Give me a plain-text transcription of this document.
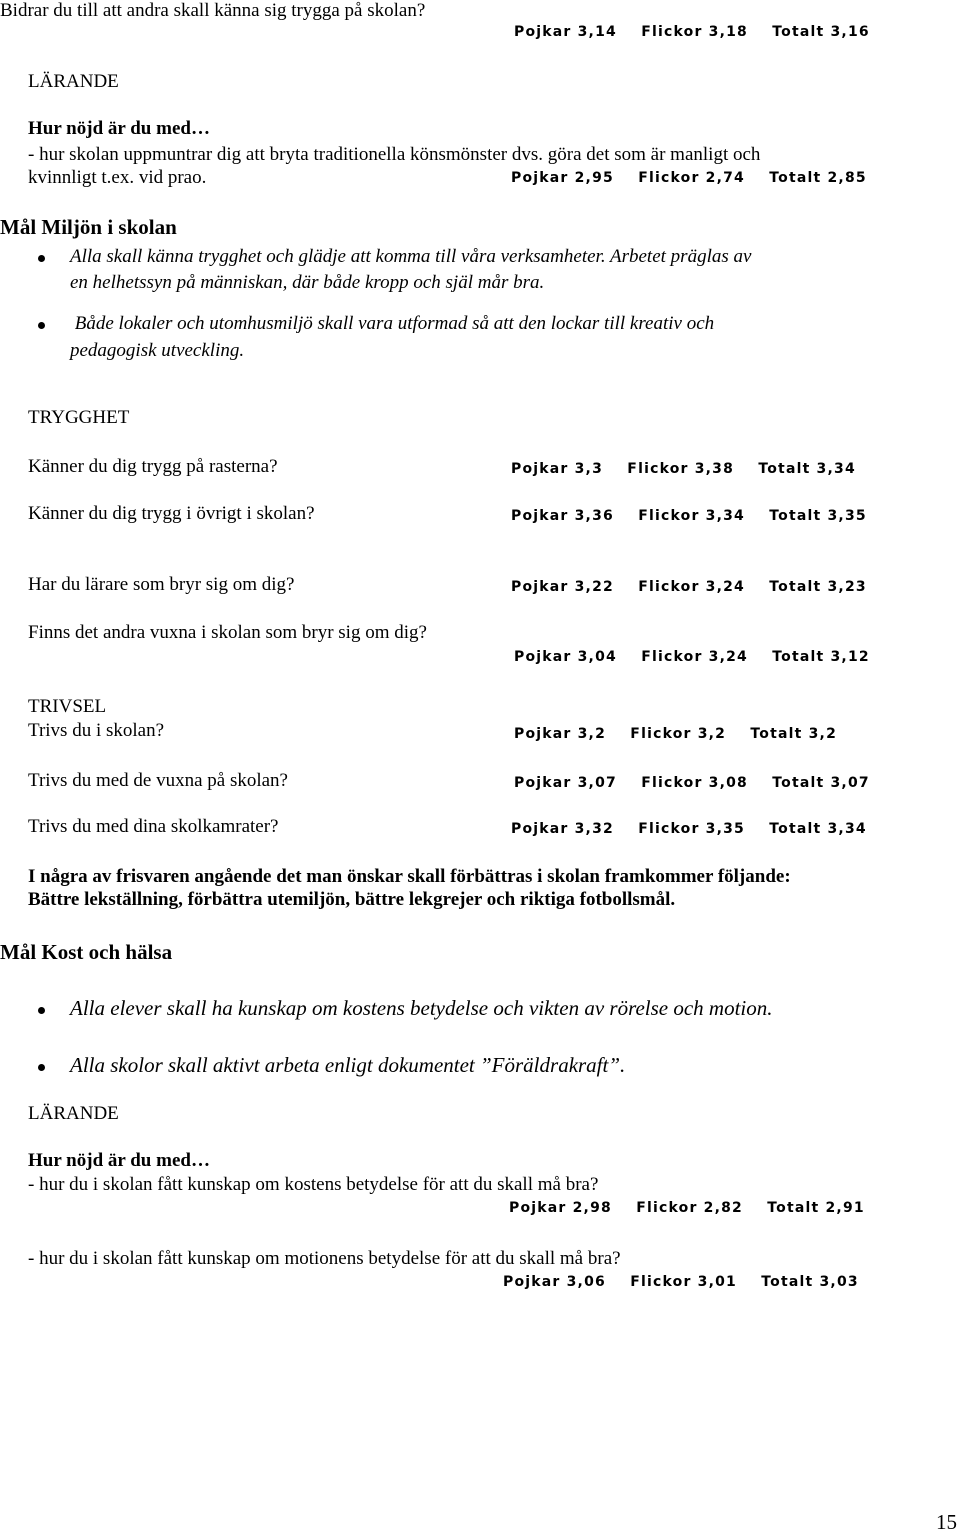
Bidrar du till att andra skall känna sig trygga på skolan?
Pojkar 3,14    Flickor 3,18    Totalt 3,16
LÄRANDE
Hur nöjd är du med…
- hur skolan uppmuntrar dig att bryta traditionella könsmönster dvs. göra det som är manligt och
kvinnligt t.ex. vid prao.	Pojkar 2,95    Flickor 2,74    Totalt 2,85
Mål Miljön i skolan
Alla skall känna trygghet och glädje att komma till våra verksamheter. Arbetet präglas av
en helhetssyn på människan, där både kropp och själ mår bra.
Både lokaler och utomhusmiljö skall vara utformad så att den lockar till kreativ och
pedagogisk utveckling.
TRYGGHET
Känner du dig trygg på rasterna?	Pojkar 3,3    Flickor 3,38    Totalt 3,34
Känner du dig trygg i övrigt i skolan?	Pojkar 3,36    Flickor 3,34    Totalt 3,35
Har du lärare som bryr sig om dig?	Pojkar 3,22    Flickor 3,24    Totalt 3,23
Finns det andra vuxna i skolan som bryr sig om dig?
Pojkar 3,04    Flickor 3,24    Totalt 3,12
TRIVSEL
Trivs du i skolan?	Pojkar 3,2    Flickor 3,2    Totalt 3,2
Trivs du med de vuxna på skolan?	Pojkar 3,07    Flickor 3,08    Totalt 3,07
Trivs du med dina skolkamrater?	Pojkar 3,32    Flickor 3,35    Totalt 3,34
I några av frisvaren angående det man önskar skall förbättras i skolan framkommer följande:
Bättre lekställning, förbättra utemiljön, bättre lekgrejer och riktiga fotbollsmål.
Mål Kost och hälsa
Alla elever skall ha kunskap om kostens betydelse och vikten av rörelse och motion.
Alla skolor skall aktivt arbeta enligt dokumentet ”Föräldrakraft”.
LÄRANDE
Hur nöjd är du med…
- hur du i skolan fått kunskap om kostens betydelse för att du skall må bra?
Pojkar 2,98    Flickor 2,82    Totalt 2,91
- hur du i skolan fått kunskap om motionens betydelse för att du skall må bra?
Pojkar 3,06    Flickor 3,01    Totalt 3,03
15
